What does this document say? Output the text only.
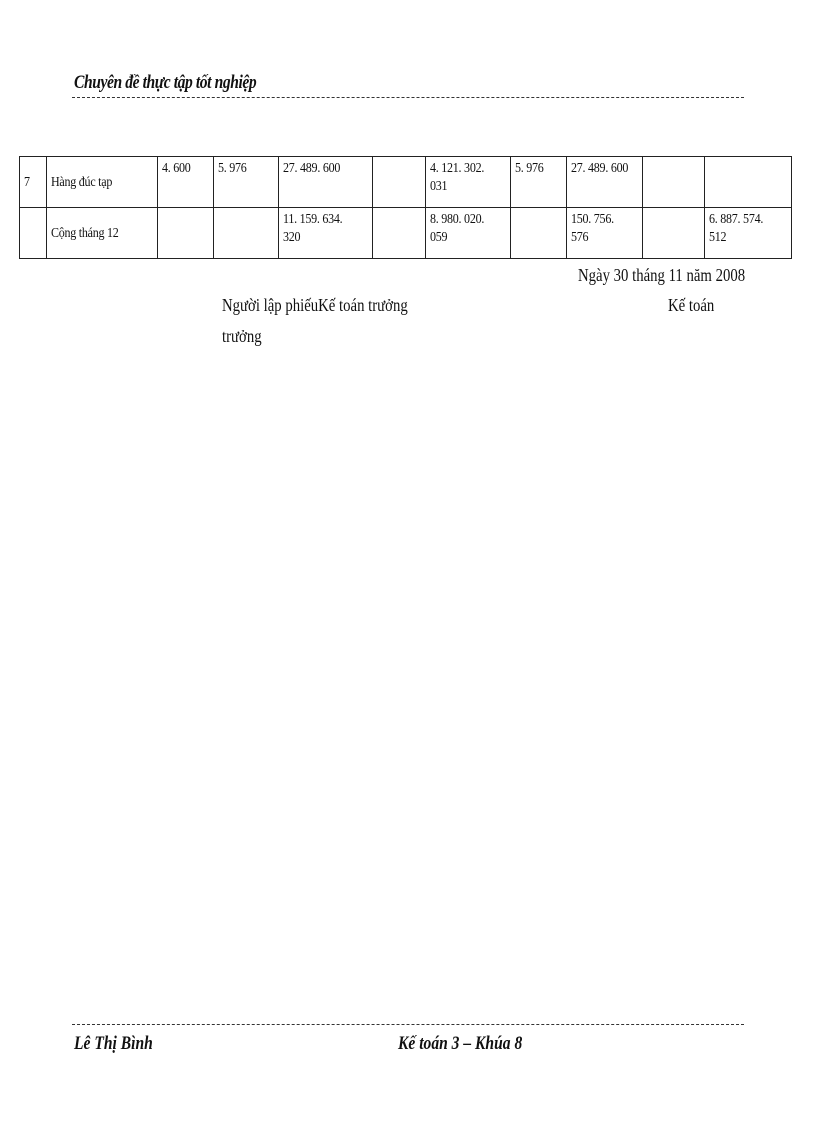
Chuyên đề thực tập tốt nghiệp
7	Hàng đúc tạp	4. 600	5. 976	27. 489. 600		4. 121. 302. 031	5. 976	27. 489. 600		
	Cộng tháng 12			11. 159. 634. 320		8. 980. 020. 059		150. 756. 576		6. 887. 574. 512
Ngày 30 tháng 11 năm 2008
Người lập phiếuKế toán trưởng	Kế toán
trưởng
Lê Thị Bình	Kế toán 3 – Khúa 8
